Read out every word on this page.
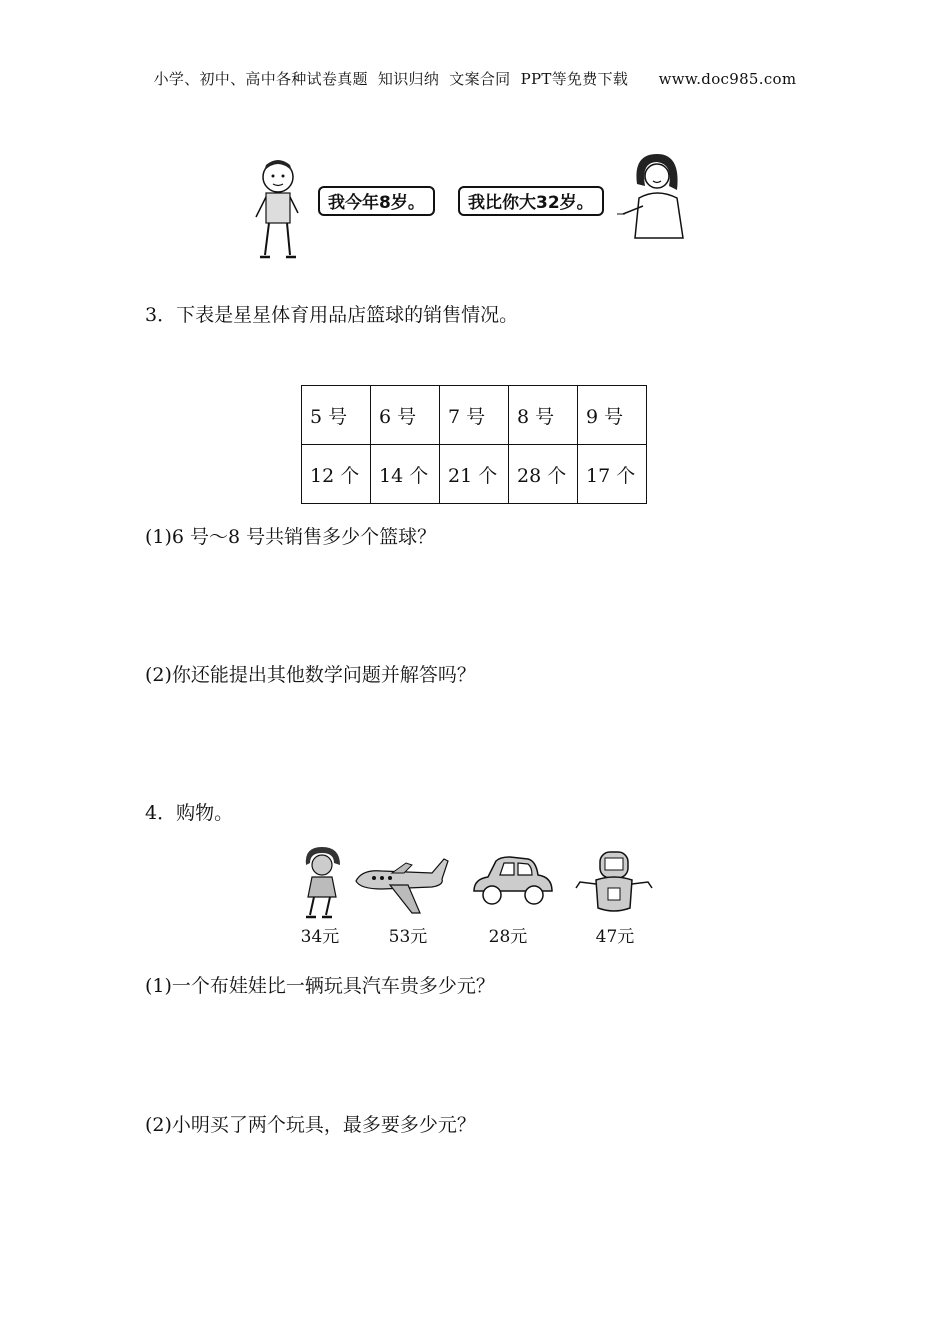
小学、初中、高中各种试卷真题  知识归纳  文案合同  PPT等免费下载      www.doc985.com
我今年8岁。	我比你大32岁。
3．下表是星星体育用品店篮球的销售情况。
5 号	6 号	7 号	8 号	9 号
12 个	14 个	21 个	28 个	17 个
(1)6 号～8 号共销售多少个篮球？
(2)你还能提出其他数学问题并解答吗？
4．购物。
34元	53元	28元	47元
(1)一个布娃娃比一辆玩具汽车贵多少元？
(2)小明买了两个玩具，最多要多少元？
